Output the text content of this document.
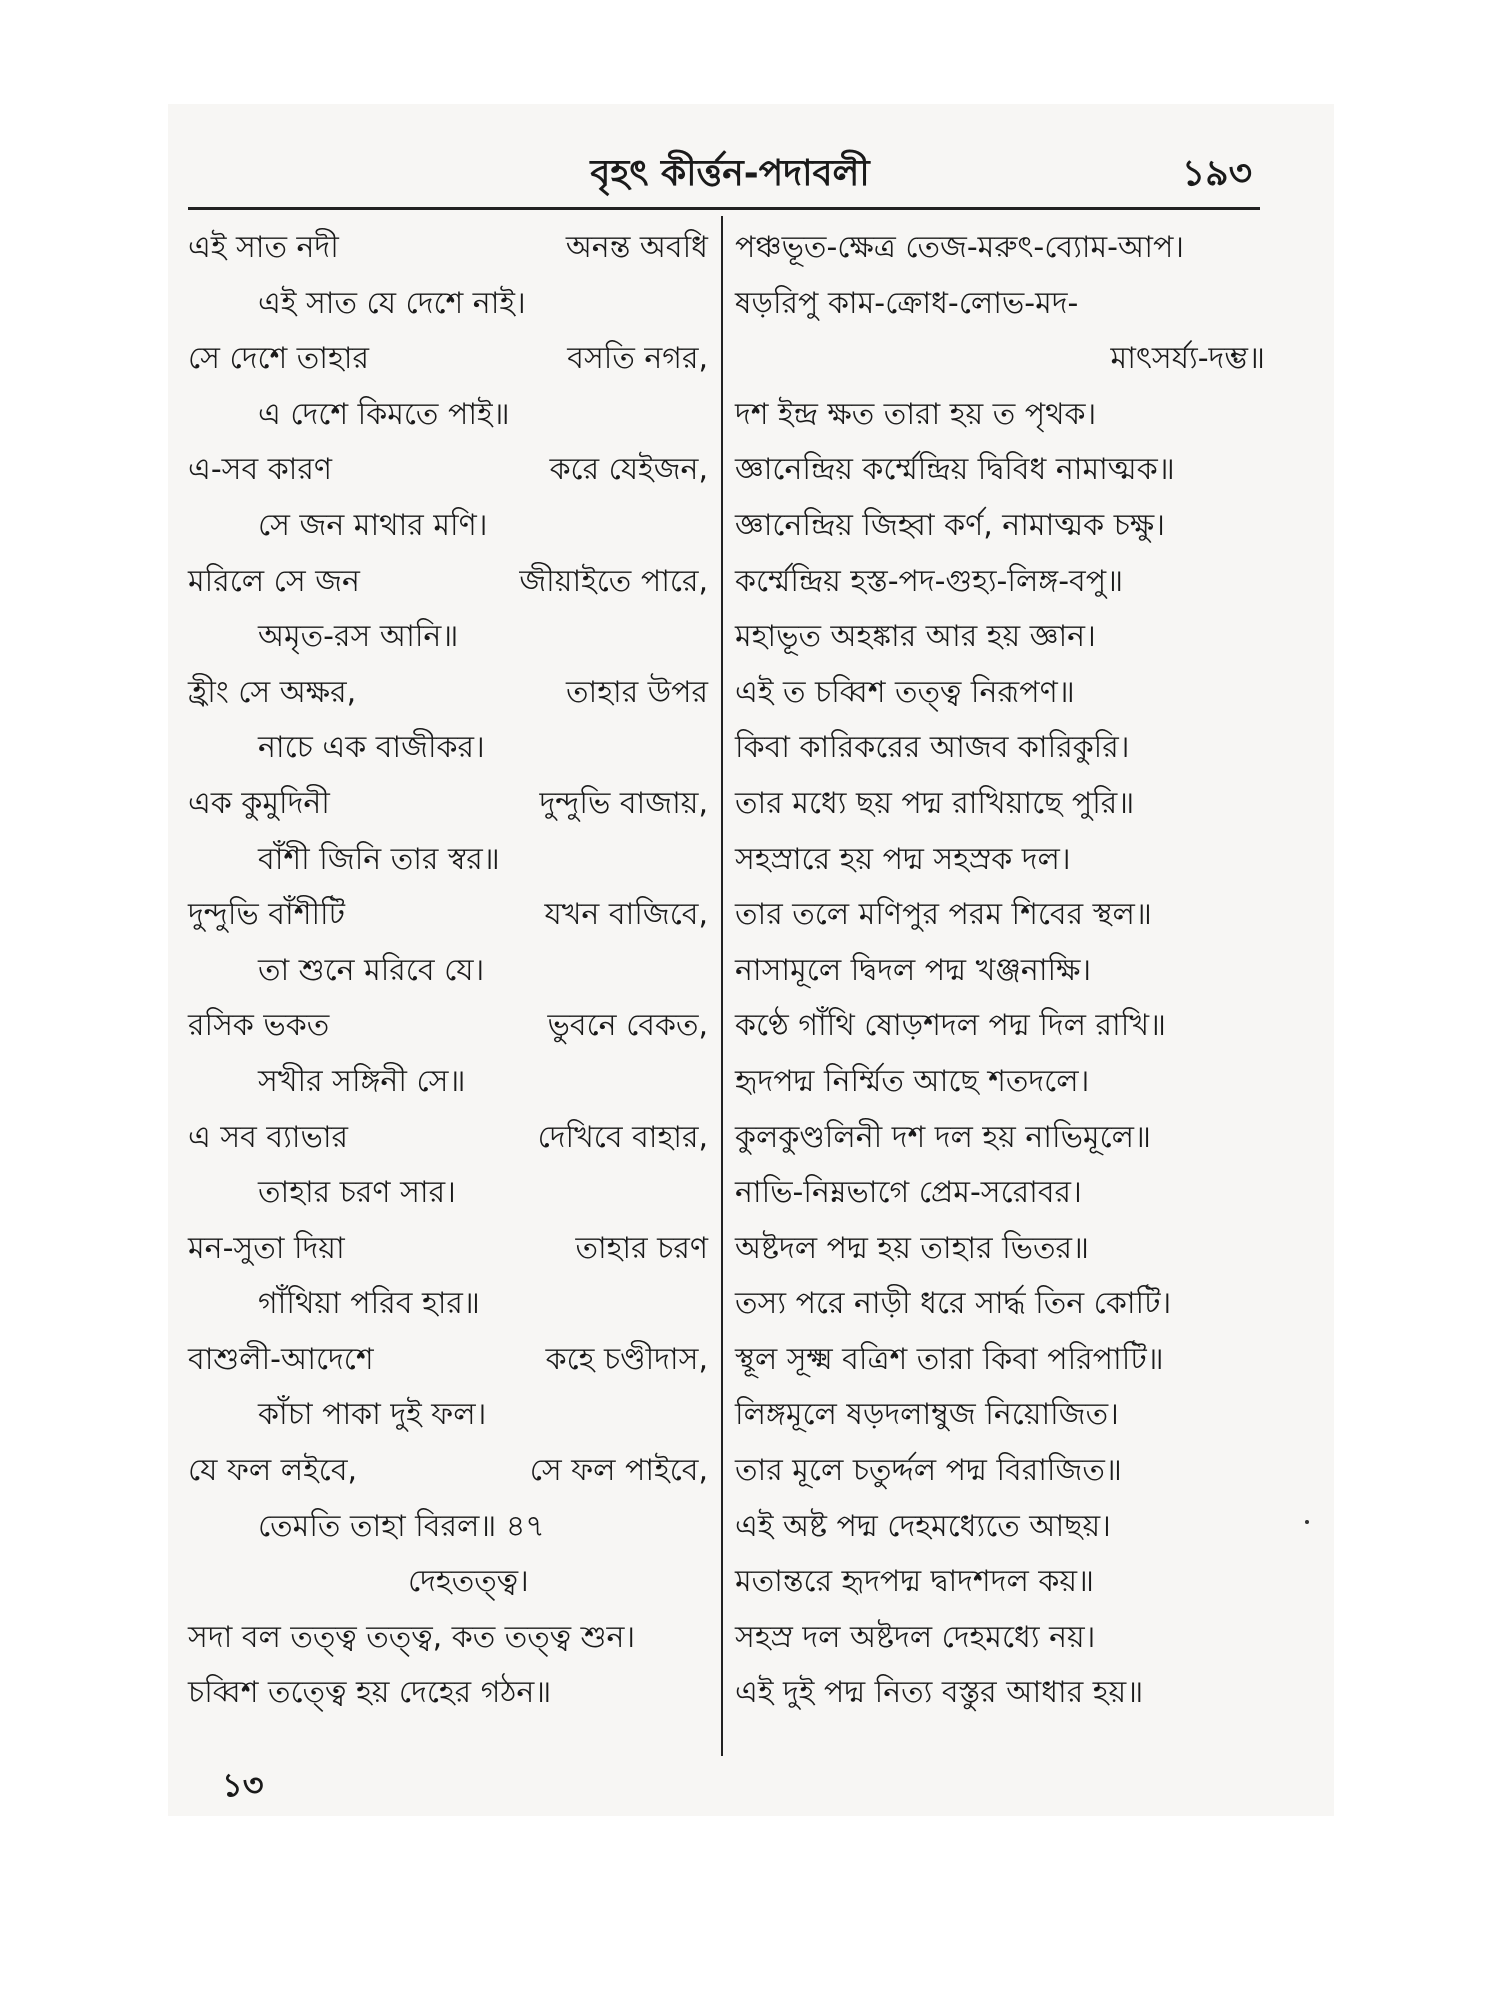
বৃহৎ কীর্ত্তন-পদাবলী	১৯৩
এই সাত নদী	অনন্ত অবধি
এই সাত যে দেশে নাই।
সে দেশে তাহার	বসতি নগর,
এ দেশে কিমতে পাই॥
এ-সব কারণ	করে যেইজন,
সে জন মাথার মণি।
মরিলে সে জন	জীয়াইতে পারে,
অমৃত-রস আনি॥
হ্রীং সে অক্ষর,	তাহার উপর
নাচে এক বাজীকর।
এক কুমুদিনী	দুন্দুভি বাজায়,
বাঁশী জিনি তার স্বর॥
দুন্দুভি বাঁশীটি	যখন বাজিবে,
তা শুনে মরিবে যে।
রসিক ভকত	ভুবনে বেকত,
সখীর সঙ্গিনী সে॥
এ সব ব্যাভার	দেখিবে বাহার,
তাহার চরণ সার।
মন-সুতা দিয়া	তাহার চরণ
গাঁথিয়া পরিব হার॥
বাশুলী-আদেশে	কহে চণ্ডীদাস,
কাঁচা পাকা দুই ফল।
যে ফল লইবে,	সে ফল পাইবে,
তেমতি তাহা বিরল॥ ৪৭
দেহতত্ত্ব।
সদা বল তত্ত্ব তত্ত্ব, কত তত্ত্ব শুন।
চব্বিশ তত্ত্বে হয় দেহের গঠন॥
পঞ্চভূত-ক্ষেত্র তেজ-মরুৎ-ব্যোম-আপ।
ষড়রিপু কাম-ক্রোধ-লোভ-মদ-
মাৎসর্য্য-দম্ভ॥
দশ ইন্দ্র ক্ষত তারা হয় ত পৃথক।
জ্ঞানেন্দ্রিয় কর্ম্মেন্দ্রিয় দ্বিবিধ নামাত্মক॥
জ্ঞানেন্দ্রিয় জিহ্বা কর্ণ, নামাত্মক চক্ষু।
কর্ম্মেন্দ্রিয় হস্ত-পদ-গুহ্য-লিঙ্গ-বপু॥
মহাভূত অহঙ্কার আর হয় জ্ঞান।
এই ত চব্বিশ তত্ত্ব নিরূপণ॥
কিবা কারিকরের আজব কারিকুরি।
তার মধ্যে ছয় পদ্ম রাখিয়াছে পুরি॥
সহস্রারে হয় পদ্ম সহস্রক দল।
তার তলে মণিপুর পরম শিবের স্থল॥
নাসামূলে দ্বিদল পদ্ম খঞ্জনাক্ষি।
কণ্ঠে গাঁথি ষোড়শদল পদ্ম দিল রাখি॥
হৃদপদ্ম নির্ম্মিত আছে শতদলে।
কুলকুণ্ডলিনী দশ দল হয় নাভিমূলে॥
নাভি-নিম্নভাগে প্রেম-সরোবর।
অষ্টদল পদ্ম হয় তাহার ভিতর॥
তস্য পরে নাড়ী ধরে সার্দ্ধ তিন কোটি।
স্থূল সূক্ষ্ম বত্রিশ তারা কিবা পরিপাটি॥
লিঙ্গমূলে ষড়দলাম্বুজ নিয়োজিত।
তার মূলে চতুর্দ্দল পদ্ম বিরাজিত॥
এই অষ্ট পদ্ম দেহমধ্যেতে আছয়।
মতান্তরে হৃদপদ্ম দ্বাদশদল কয়॥
সহস্র দল অষ্টদল দেহমধ্যে নয়।
এই দুই পদ্ম নিত্য বস্তুর আধার হয়॥
১৩
